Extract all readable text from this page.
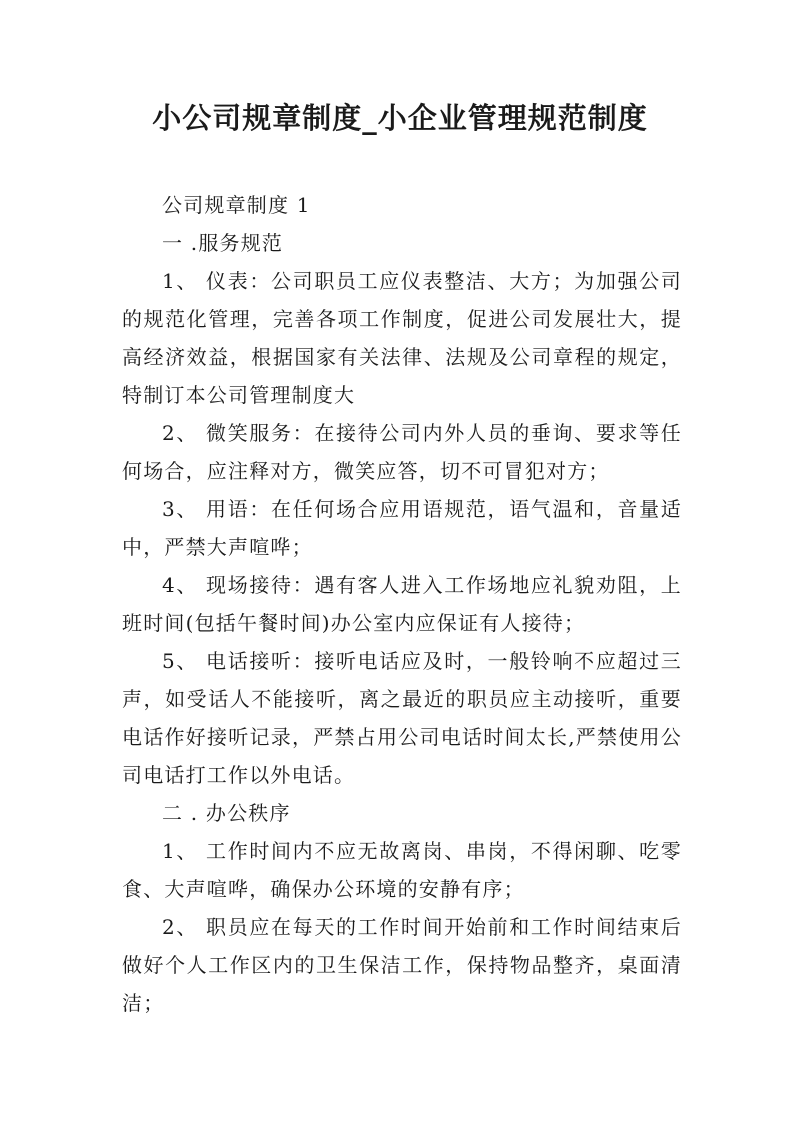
小公司规章制度_小企业管理规范制度

公司规章制度 1

一 .服务规范

1、 仪表：公司职员工应仪表整洁、大方；为加强公司的规范化管理，完善各项工作制度，促进公司发展壮大，提高经济效益，根据国家有关法律、法规及公司章程的规定，特制订本公司管理制度大

2、 微笑服务：在接待公司内外人员的垂询、要求等任何场合，应注释对方，微笑应答，切不可冒犯对方；

3、 用语：在任何场合应用语规范，语气温和，音量适中，严禁大声喧哗；

4、 现场接待：遇有客人进入工作场地应礼貌劝阻，上班时间(包括午餐时间)办公室内应保证有人接待；

5、 电话接听：接听电话应及时，一般铃响不应超过三声，如受话人不能接听，离之最近的职员应主动接听，重要电话作好接听记录，严禁占用公司电话时间太长,严禁使用公司电话打工作以外电话。

二 . 办公秩序

1、 工作时间内不应无故离岗、串岗，不得闲聊、吃零食、大声喧哗，确保办公环境的安静有序；

2、 职员应在每天的工作时间开始前和工作时间结束后做好个人工作区内的卫生保洁工作，保持物品整齐，桌面清洁；
